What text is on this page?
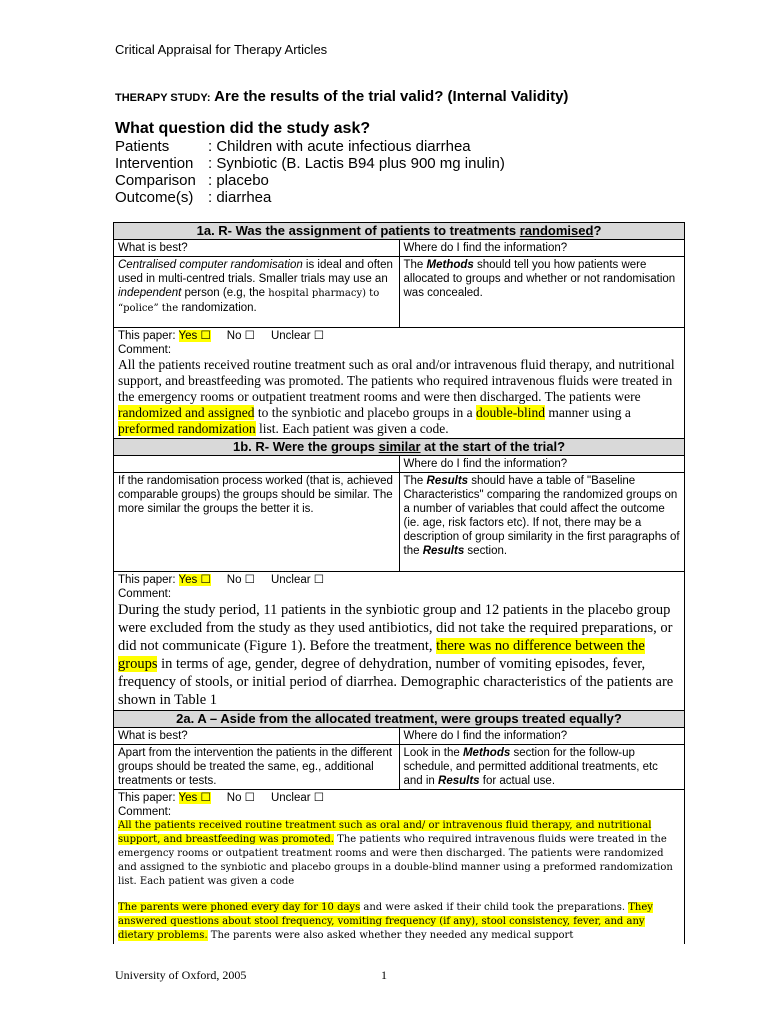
Critical Appraisal for Therapy Articles
THERAPY STUDY: Are the results of the trial valid? (Internal Validity)
What question did the study ask?
Patients	: Children with acute infectious diarrhea
Intervention : Synbiotic (B. Lactis B94 plus 900 mg inulin)
Comparison : placebo
Outcome(s) : diarrhea
1a. R- Was the assignment of patients to treatments randomised?	
What is best?	Where do I find the information?
Centralised computer randomisation is ideal and often used in multi-centred trials. Smaller trials may use an independent person (e.g, the hospital pharmacy) to “police” the randomization.	The Methods should tell you how patients were allocated to groups and whether or not randomisation was concealed.

This paper: Yes ☐ No ☐ Unclear ☐
Comment:
All the patients received routine treatment such as oral and/or intravenous fluid therapy, and nutritional support, and breastfeeding was promoted. The patients who required intravenous fluids were treated in the emergency rooms or outpatient treatment rooms and were then discharged. The patients were randomized and assigned to the synbiotic and placebo groups in a double-blind manner using a preformed randomization list. Each patient was given a code.	

1b. R- Were the groups similar at the start of the trial?	
	Where do I find the information?
If the randomisation process worked (that is, achieved comparable groups) the groups should be similar. The more similar the groups the better it is.	The Results should have a table of "Baseline Characteristics" comparing the randomized groups on a number of variables that could affect the outcome (ie. age, risk factors etc). If not, there may be a description of group similarity in the first paragraphs of the Results section.

This paper: Yes ☐ No ☐ Unclear ☐
Comment:
During the study period, 11 patients in the synbiotic group and 12 patients in the placebo group were excluded from the study as they used antibiotics, did not take the required preparations, or did not communicate (Figure 1). Before the treatment, there was no difference between the groups in terms of age, gender, degree of dehydration, number of vomiting episodes, fever, frequency of stools, or initial period of diarrhea. Demographic characteristics of the patients are shown in Table 1	

2a. A – Aside from the allocated treatment, were groups treated equally?	
What is best?	Where do I find the information?
Apart from the intervention the patients in the different groups should be treated the same, eg., additional treatments or tests.	Look in the Methods section for the follow-up schedule, and permitted additional treatments, etc and in Results for actual use.

This paper: Yes ☐ No ☐ Unclear ☐
Comment:
All the patients received routine treatment such as oral and/ or intravenous fluid therapy, and nutritional support, and breastfeeding was promoted. The patients who required intravenous fluids were treated in the emergency rooms or outpatient treatment rooms and were then discharged. The patients were randomized and assigned to the synbiotic and placebo groups in a double-blind manner using a preformed randomization list. Each patient was given a code
The parents were phoned every day for 10 days and were asked if their child took the preparations. They answered questions about stool frequency, vomiting frequency (if any), stool consistency, fever, and any dietary problems. The parents were also asked whether they needed any medical support	
University of Oxford, 2005	1
